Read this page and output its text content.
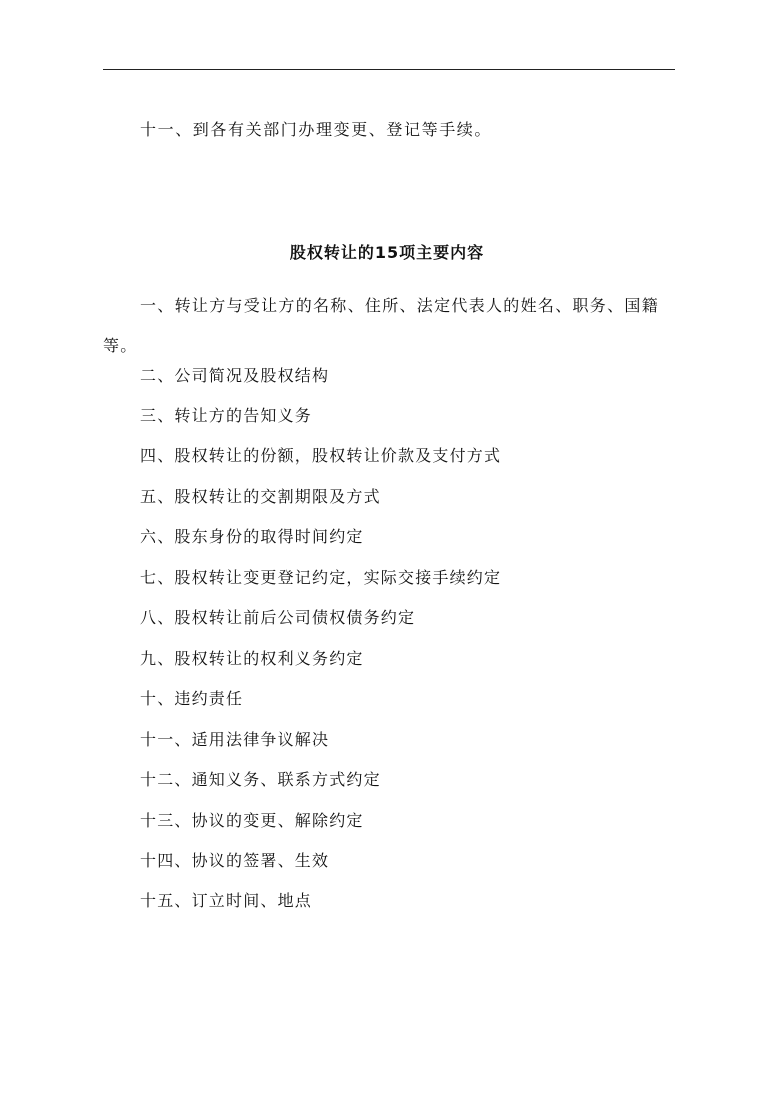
十一、到各有关部门办理变更、登记等手续。
股权转让的15项主要内容
一、转让方与受让方的名称、住所、法定代表人的姓名、职务、国籍等。
二、公司简况及股权结构
三、转让方的告知义务
四、股权转让的份额，股权转让价款及支付方式
五、股权转让的交割期限及方式
六、股东身份的取得时间约定
七、股权转让变更登记约定，实际交接手续约定
八、股权转让前后公司债权债务约定
九、股权转让的权利义务约定
十、违约责任
十一、适用法律争议解决
十二、通知义务、联系方式约定
十三、协议的变更、解除约定
十四、协议的签署、生效
十五、订立时间、地点
